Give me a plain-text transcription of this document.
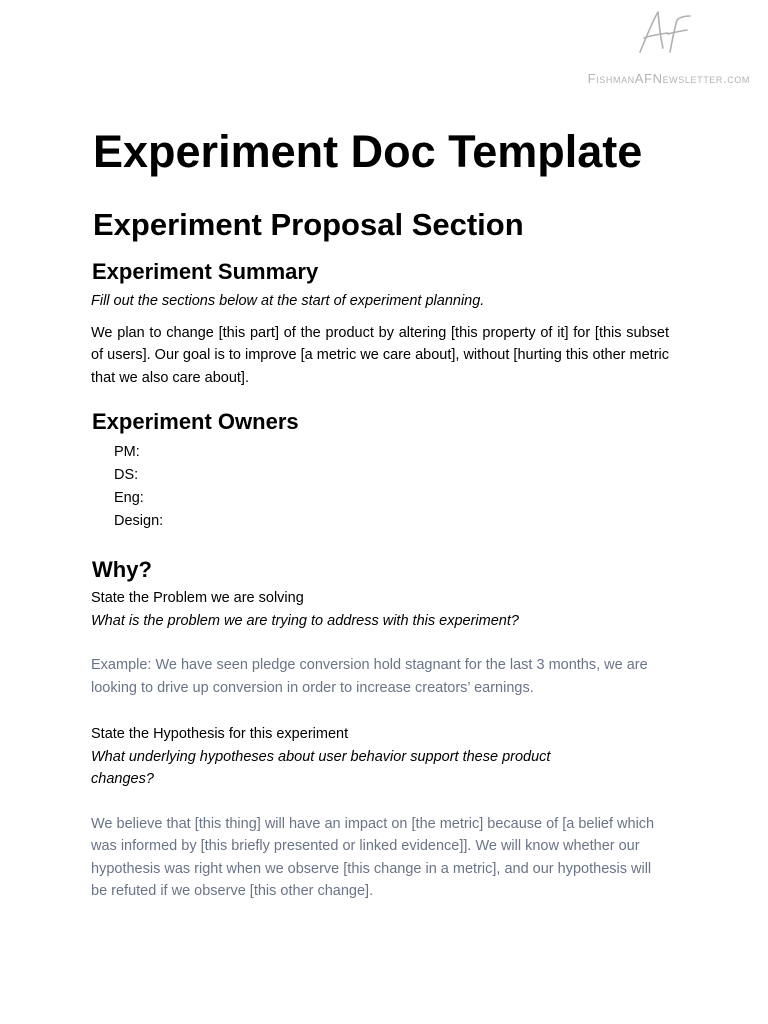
FishmanAFNewsletter.com
Experiment Doc Template
Experiment Proposal Section
Experiment Summary

Fill out the sections below at the start of experiment planning.

We plan to change [this part] of the product by altering [this property of it] for [this subset of users]. Our goal is to improve [a metric we care about], without [hurting this other metric that we also care about].

Experiment Owners
PM:
DS:
Eng:
Design:
Why?

State the Problem we are solving

What is the problem we are trying to address with this experiment?

Example: We have seen pledge conversion hold stagnant for the last 3 months, we are looking to drive up conversion in order to increase creators’ earnings.

State the Hypothesis for this experiment

What underlying hypotheses about user behavior support these product changes?

We believe that [this thing] will have an impact on [the metric] because of [a belief which was informed by [this briefly presented or linked evidence]]. We will know whether our hypothesis was right when we observe [this change in a metric], and our hypothesis will be refuted if we observe [this other change].
